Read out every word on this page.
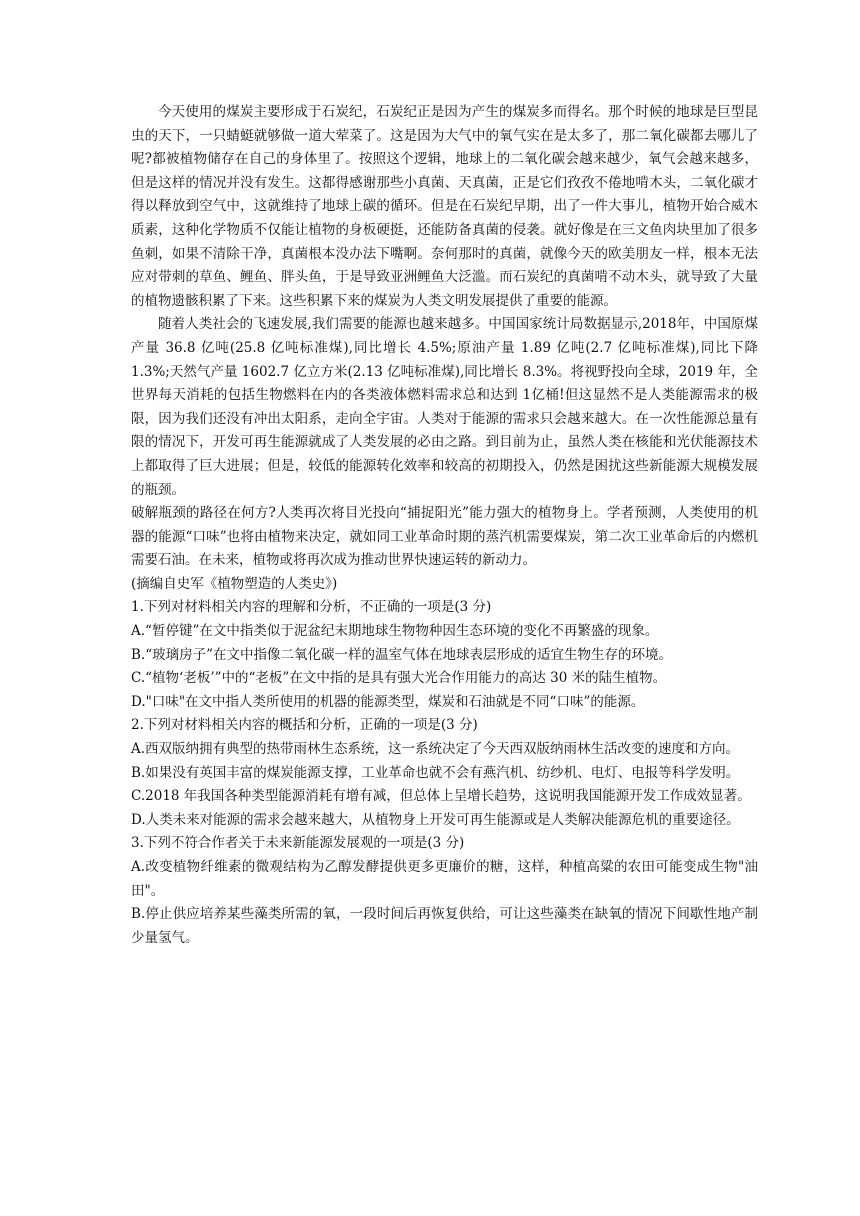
今天使用的煤炭主要形成于石炭纪，石炭纪正是因为产生的煤炭多而得名。那个时候的地球是巨型昆虫的天下，一只蜻蜓就够做一道大荤菜了。这是因为大气中的氧气实在是太多了，那二氧化碳都去哪儿了呢?都被植物储存在自己的身体里了。按照这个逻辑，地球上的二氧化碳会越来越少，氧气会越来越多，但是这样的情况并没有发生。这都得感谢那些小真菌、天真菌，正是它们孜孜不倦地啃木头，二氧化碳才得以释放到空气中，这就维持了地球上碳的循环。但是在石炭纪早期，出了一件大事儿，植物开始合威木质素，这种化学物质不仅能让植物的身板硬挺，还能防备真菌的侵袭。就好像是在三文鱼肉块里加了很多鱼刺，如果不清除干净，真菌根本没办法下嘴啊。奈何那时的真菌，就像今天的欧美朋友一样，根本无法应对带刺的草鱼、鲤鱼、胖头鱼，于是导致亚洲鲤鱼大泛滥。而石炭纪的真菌啃不动木头，就导致了大量的植物遗骸积累了下来。这些积累下来的煤炭为人类文明发展提供了重要的能源。

随着人类社会的飞速发展,我们需要的能源也越来越多。中国国家统计局数据显示,2018年，中国原煤产量 36.8 亿吨(25.8 亿吨标准煤),同比增长 4.5%;原油产量 1.89 亿吨(2.7 亿吨标准煤),同比下降 1.3%;天然气产量 1602.7 亿立方米(2.13 亿吨标准煤),同比增长 8.3%。将视野投向全球，2019 年，全世界每天消耗的包括生物燃料在内的各类液体燃料需求总和达到 1亿桶!但这显然不是人类能源需求的极限，因为我们还没有冲出太阳系，走向全宇宙。人类对于能源的需求只会越来越大。在一次性能源总量有限的情况下，开发可再生能源就成了人类发展的必由之路。到目前为止，虽然人类在核能和光伏能源技术上都取得了巨大进展；但是，较低的能源转化效率和较高的初期投入，仍然是困扰这些新能源大规模发展的瓶颈。

破解瓶颈的路径在何方?人类再次将目光投向“捕捉阳光”能力强大的植物身上。学者预测，人类使用的机器的能源“口味”也将由植物来决定，就如同工业革命时期的蒸汽机需要煤炭，第二次工业革命后的内燃机需要石油。在未来，植物或将再次成为推动世界快速运转的新动力。

(摘编自史军《植物塑造的人类史》)

1.下列对材料相关内容的理解和分析，不正确的一项是(3 分)

A.“暂停键”在文中指类似于泥盆纪末期地球生物物种因生态环境的变化不再繁盛的现象。

B.“玻璃房子”在文中指像二氧化碳一样的温室气体在地球表层形成的适宜生物生存的环境。

C.“植物‘老板’”中的“老板”在文中指的是具有强大光合作用能力的高达 30 米的陆生植物。

D."口味"在文中指人类所使用的机器的能源类型，煤炭和石油就是不同“口味”的能源。

2.下列对材料相关内容的概括和分析，正确的一项是(3 分)

A.西双版纳拥有典型的热带雨林生态系统，这一系统决定了今天西双版纳雨林生活改变的速度和方向。

B.如果没有英国丰富的煤炭能源支撑，工业革命也就不会有燕汽机、纺纱机、电灯、电报等科学发明。

C.2018 年我国各种类型能源消耗有增有减，但总体上呈增长趋势，这说明我国能源开发工作成效显著。

D.人类未来对能源的需求会越来越大，从植物身上开发可再生能源或是人类解决能源危机的重要途径。

3.下列不符合作者关于未来新能源发展观的一项是(3 分)

A.改变植物纤维素的微观结构为乙醇发酵提供更多更廉价的糖，这样，种植高粱的农田可能变成生物"油田"。

B.停止供应培养某些藻类所需的氧，一段时间后再恢复供给，可让这些藻类在缺氧的情况下间歇性地产制少量氢气。
